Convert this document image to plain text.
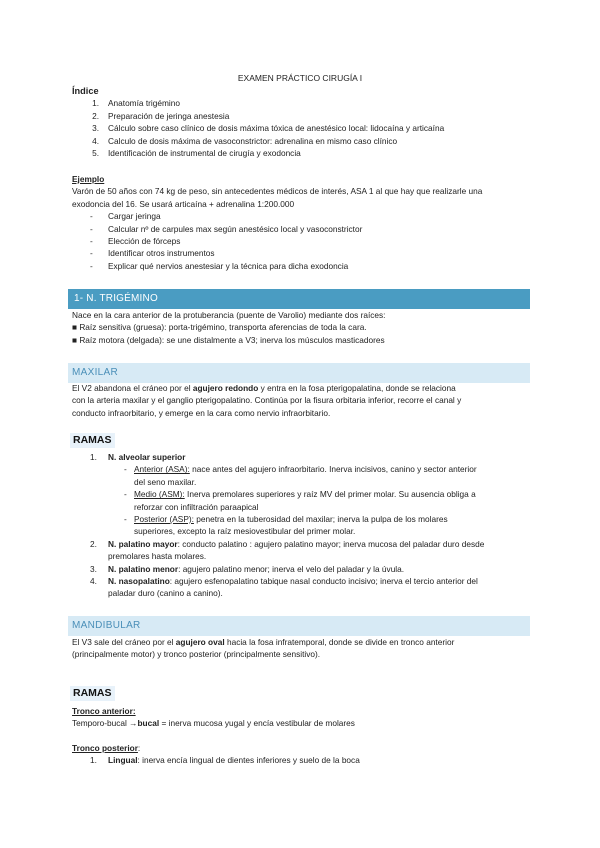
EXAMEN PRÁCTICO CIRUGÍA I
Índice
1. Anatomía trigémino
2. Preparación de jeringa anestesia
3. Cálculo sobre caso clínico de dosis máxima tóxica de anestésico local: lidocaína y articaína
4. Calculo de dosis máxima de vasoconstrictor: adrenalina en mismo caso clínico
5. Identificación de instrumental de cirugía y exodoncia
Ejemplo

Varón de 50 años con 74 kg de peso, sin antecedentes médicos de interés, ASA 1 al que hay que realizarle una

exodoncia del 16. Se usará articaína + adrenalina 1:200.000

- Cargar jeringa
- Calcular nº de carpules max según anestésico local y vasoconstrictor
- Elección de fórceps
- Identificar otros instrumentos
- Explicar qué nervios anestesiar y la técnica para dicha exodoncia
1- N. TRIGÉMINO

Nace en la cara anterior de la protuberancia (puente de Varolio) mediante dos raíces:

■ Raíz sensitiva (gruesa): porta-trigémino, transporta aferencias de toda la cara.

■ Raíz motora (delgada): se une distalmente a V3; inerva los músculos masticadores

MAXILAR

El V2 abandona el cráneo por el agujero redondo y entra en la fosa pterigopalatina, donde se relaciona

con la arteria maxilar y el ganglio pterigopalatino. Continúa por la fisura orbitaria inferior, recorre el canal y

conducto infraorbitario, y emerge en la cara como nervio infraorbitario.

RAMAS
1. N. alveolar superior
- Anterior (ASA): nace antes del agujero infraorbitario. Inerva incisivos, canino y sector anterior
del seno maxilar.
- Medio (ASM): Inerva premolares superiores y raíz MV del primer molar. Su ausencia obliga a
reforzar con infiltración paraapical
- Posterior (ASP): penetra en la tuberosidad del maxilar; inerva la pulpa de los molares
superiores, excepto la raíz mesiovestibular del primer molar.
2. N. palatino mayor: conducto palatino : agujero palatino mayor; inerva mucosa del paladar duro desde
premolares hasta molares.
3. N. palatino menor: agujero palatino menor; inerva el velo del paladar y la úvula.
4. N. nasopalatino: agujero esfenopalatino tabique nasal conducto incisivo; inerva el tercio anterior del
paladar duro (canino a canino).
MANDIBULAR

El V3 sale del cráneo por el agujero oval hacia la fosa infratemporal, donde se divide en tronco anterior

(principalmente motor) y tronco posterior (principalmente sensitivo).

RAMAS
Tronco anterior:

Temporo-bucal →bucal = inerva mucosa yugal y encía vestibular de molares

Tronco posterior:
1. Lingual: inerva encía lingual de dientes inferiores y suelo de la boca
